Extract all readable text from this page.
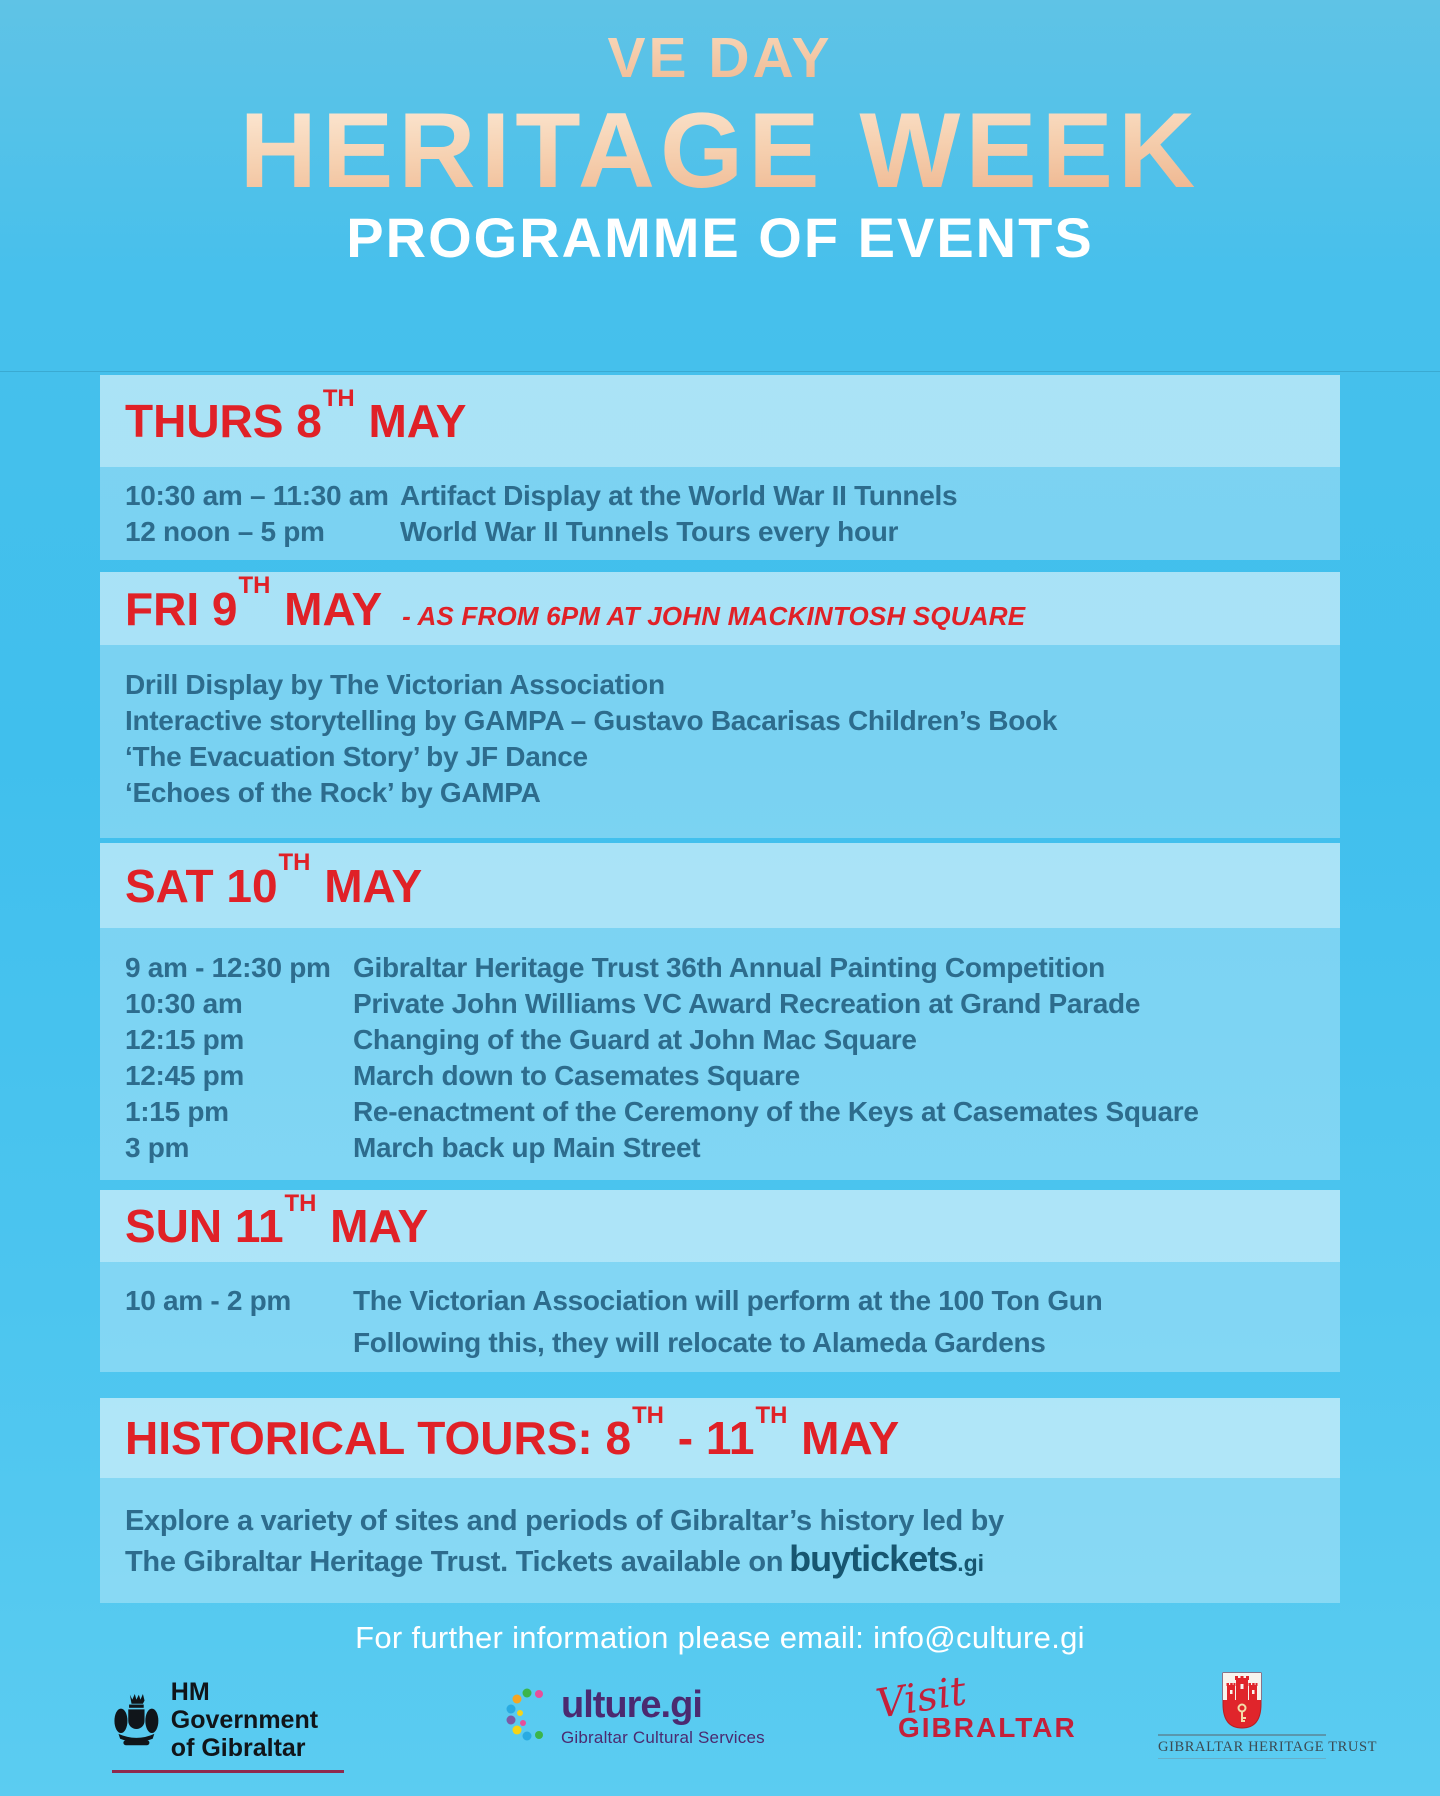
VE DAY
HERITAGE WEEK
PROGRAMME OF EVENTS
THURS 8TH MAY
10:30 am – 11:30 am Artifact Display at the World War II Tunnels
12 noon – 5 pm	World War II Tunnels Tours every hour
FRI 9TH MAY - AS FROM 6PM AT JOHN MACKINTOSH SQUARE
Drill Display by The Victorian Association
Interactive storytelling by GAMPA – Gustavo Bacarisas Children’s Book
‘The Evacuation Story’ by JF Dance
‘Echoes of the Rock’ by GAMPA
SAT 10TH MAY
9 am - 12:30 pm Gibraltar Heritage Trust 36th Annual Painting Competition
10:30 am	Private John Williams VC Award Recreation at Grand Parade
12:15 pm	Changing of the Guard at John Mac Square
12:45 pm	March down to Casemates Square
1:15 pm	Re-enactment of the Ceremony of the Keys at Casemates Square
3 pm	March back up Main Street
SUN 11TH MAY
10 am - 2 pm	The Victorian Association will perform at the 100 Ton Gun
Following this, they will relocate to Alameda Gardens
HISTORICAL TOURS: 8TH - 11TH MAY
Explore a variety of sites and periods of Gibraltar’s history led by
The Gibraltar Heritage Trust. Tickets available on buytickets.gi
For further information please email: info@culture.gi
HM Government
of Gibraltar
ulture.gi
Gibraltar Cultural Services
Visit
GIBRALTAR
GIBRALTAR HERITAGE TRUST
